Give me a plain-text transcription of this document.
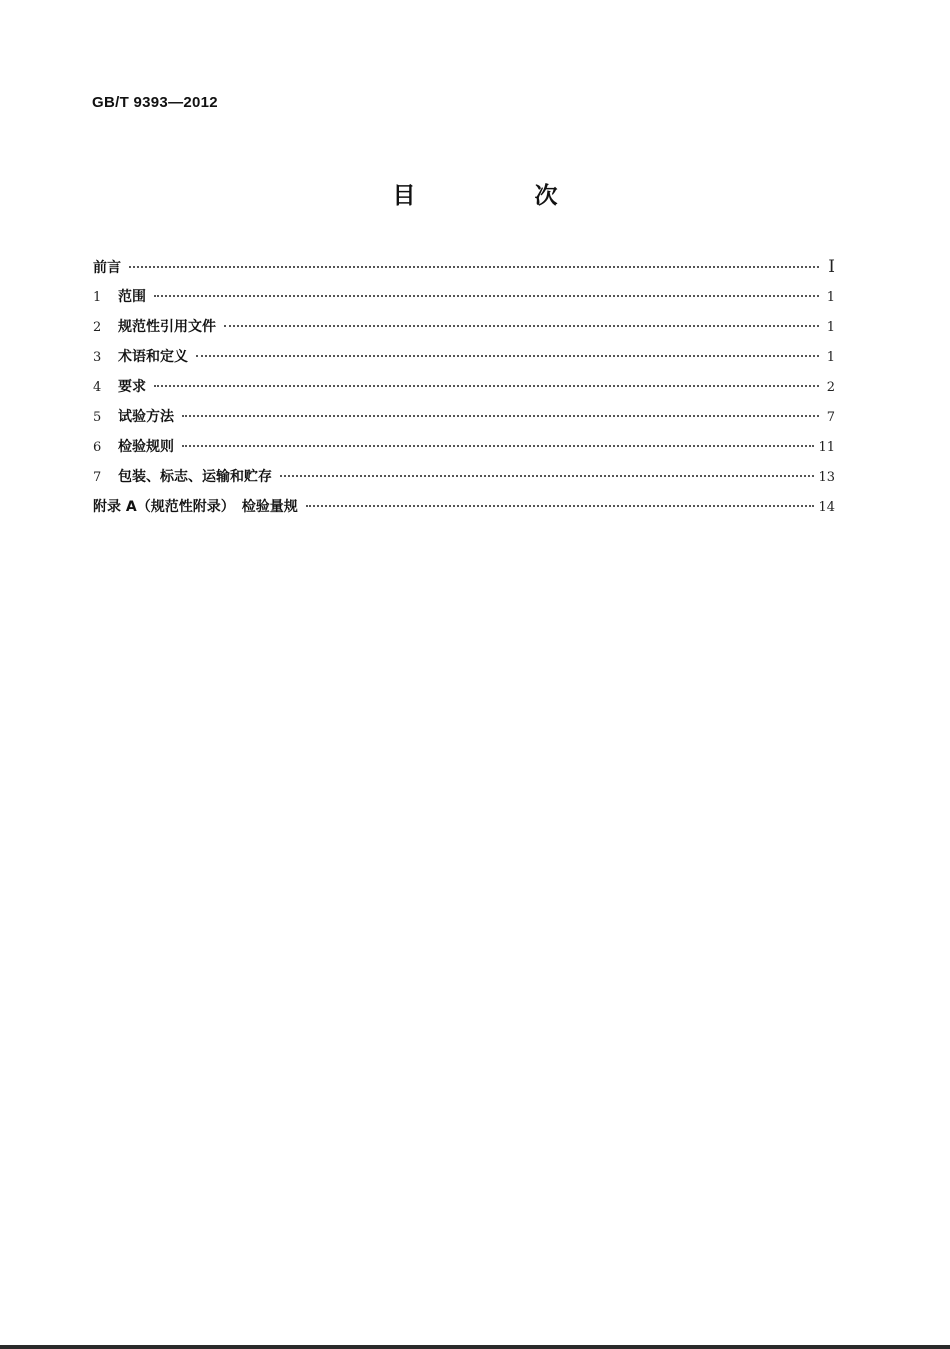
GB/T 9393—2012
目　次
前言	Ⅰ
1	范围	1
2	规范性引用文件	1
3	术语和定义	1
4	要求	2
5	试验方法	7
6	检验规则	11
7	包装、标志、运输和贮存	13
附录 A（规范性附录）　检验量规	14
